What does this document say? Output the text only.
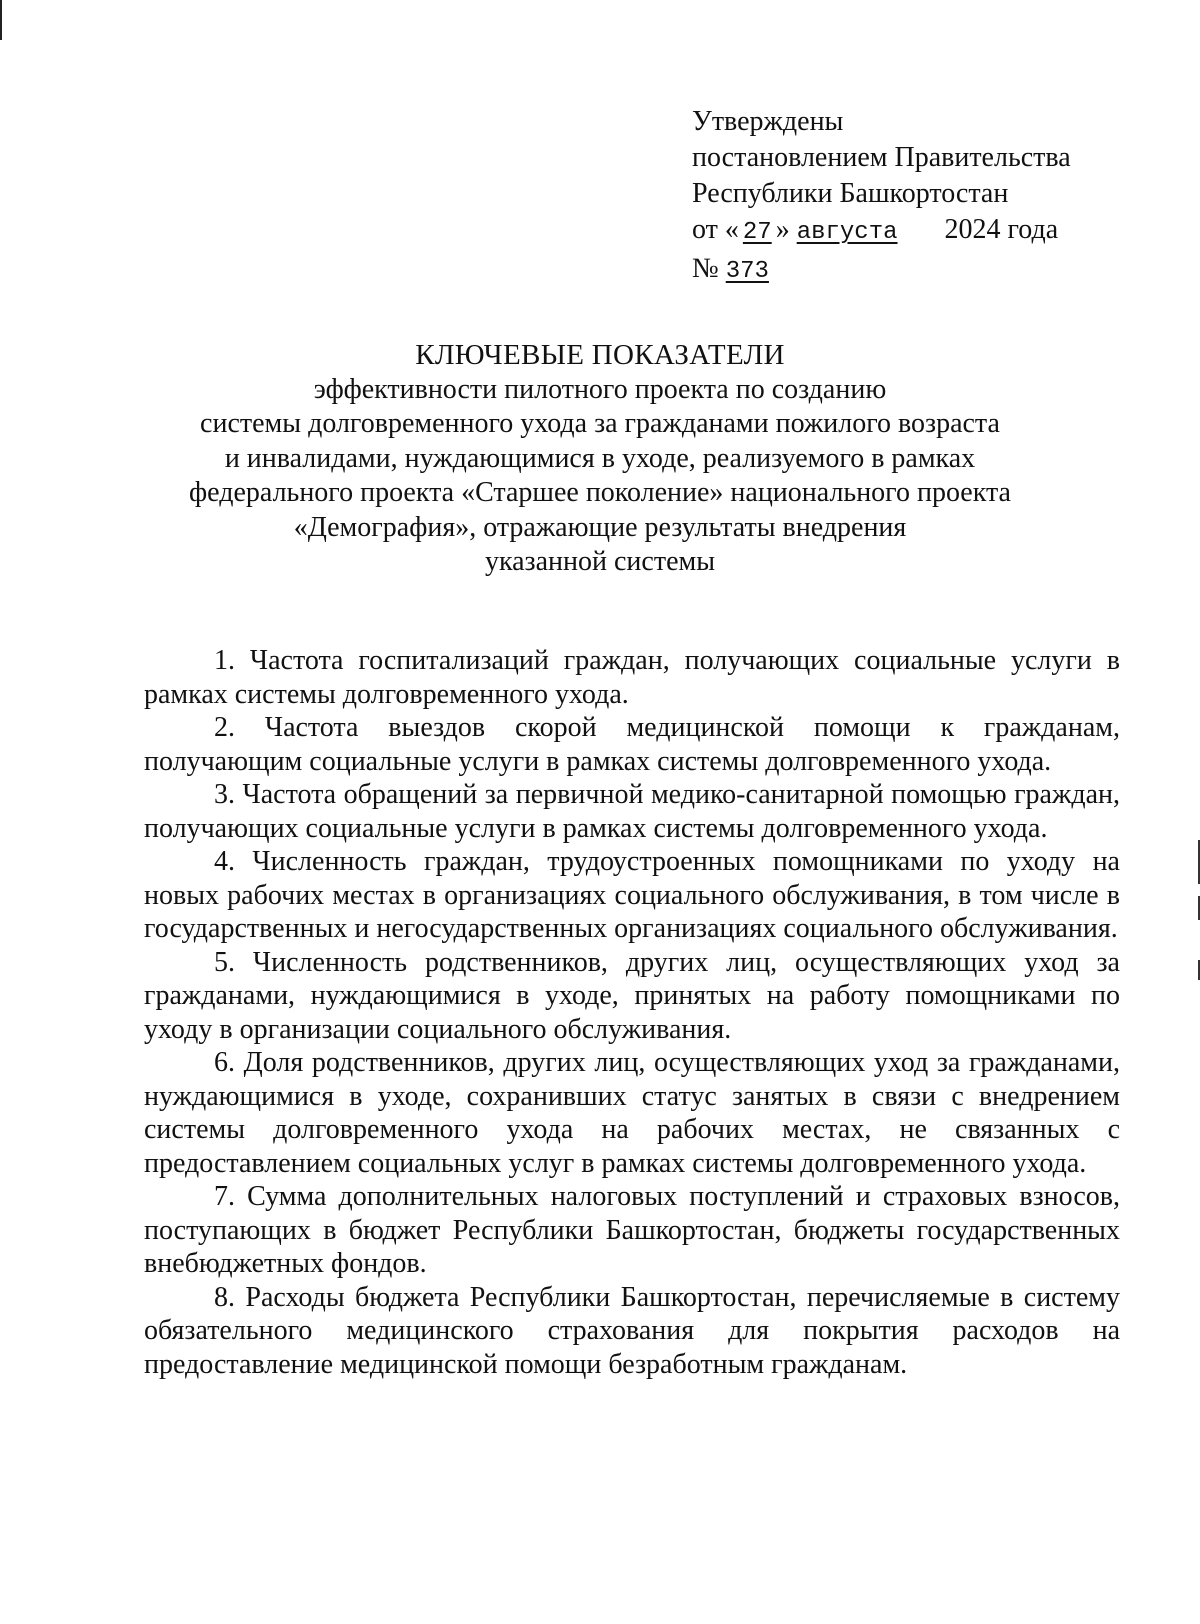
Утверждены
постановлением Правительства
Республики Башкортостан
от « 27 » августа 2024 года
№ 373
КЛЮЧЕВЫЕ ПОКАЗАТЕЛИ
эффективности пилотного проекта по созданию
системы долговременного ухода за гражданами пожилого возраста
и инвалидами, нуждающимися в уходе, реализуемого в рамках
федерального проекта «Старшее поколение» национального проекта
«Демография», отражающие результаты внедрения
указанной системы

1. Частота госпитализаций граждан, получающих социальные услуги в рамках системы долговременного ухода.

2. Частота выездов скорой медицинской помощи к гражданам, получающим социальные услуги в рамках системы долговременного ухода.

3. Частота обращений за первичной медико-санитарной помощью граждан, получающих социальные услуги в рамках системы долговременного ухода.

4. Численность граждан, трудоустроенных помощниками по уходу на новых рабочих местах в организациях социального обслуживания, в том числе в государственных и негосударственных организациях социального обслуживания.

5. Численность родственников, других лиц, осуществляющих уход за гражданами, нуждающимися в уходе, принятых на работу помощниками по уходу в организации социального обслуживания.

6. Доля родственников, других лиц, осуществляющих уход за гражданами, нуждающимися в уходе, сохранивших статус занятых в связи с внедрением системы долговременного ухода на рабочих местах, не связанных с предоставлением социальных услуг в рамках системы долговременного ухода.

7. Сумма дополнительных налоговых поступлений и страховых взносов, поступающих в бюджет Республики Башкортостан, бюджеты государственных внебюджетных фондов.

8. Расходы бюджета Республики Башкортостан, перечисляемые в систему обязательного медицинского страхования для покрытия расходов на предоставление медицинской помощи безработным гражданам.
